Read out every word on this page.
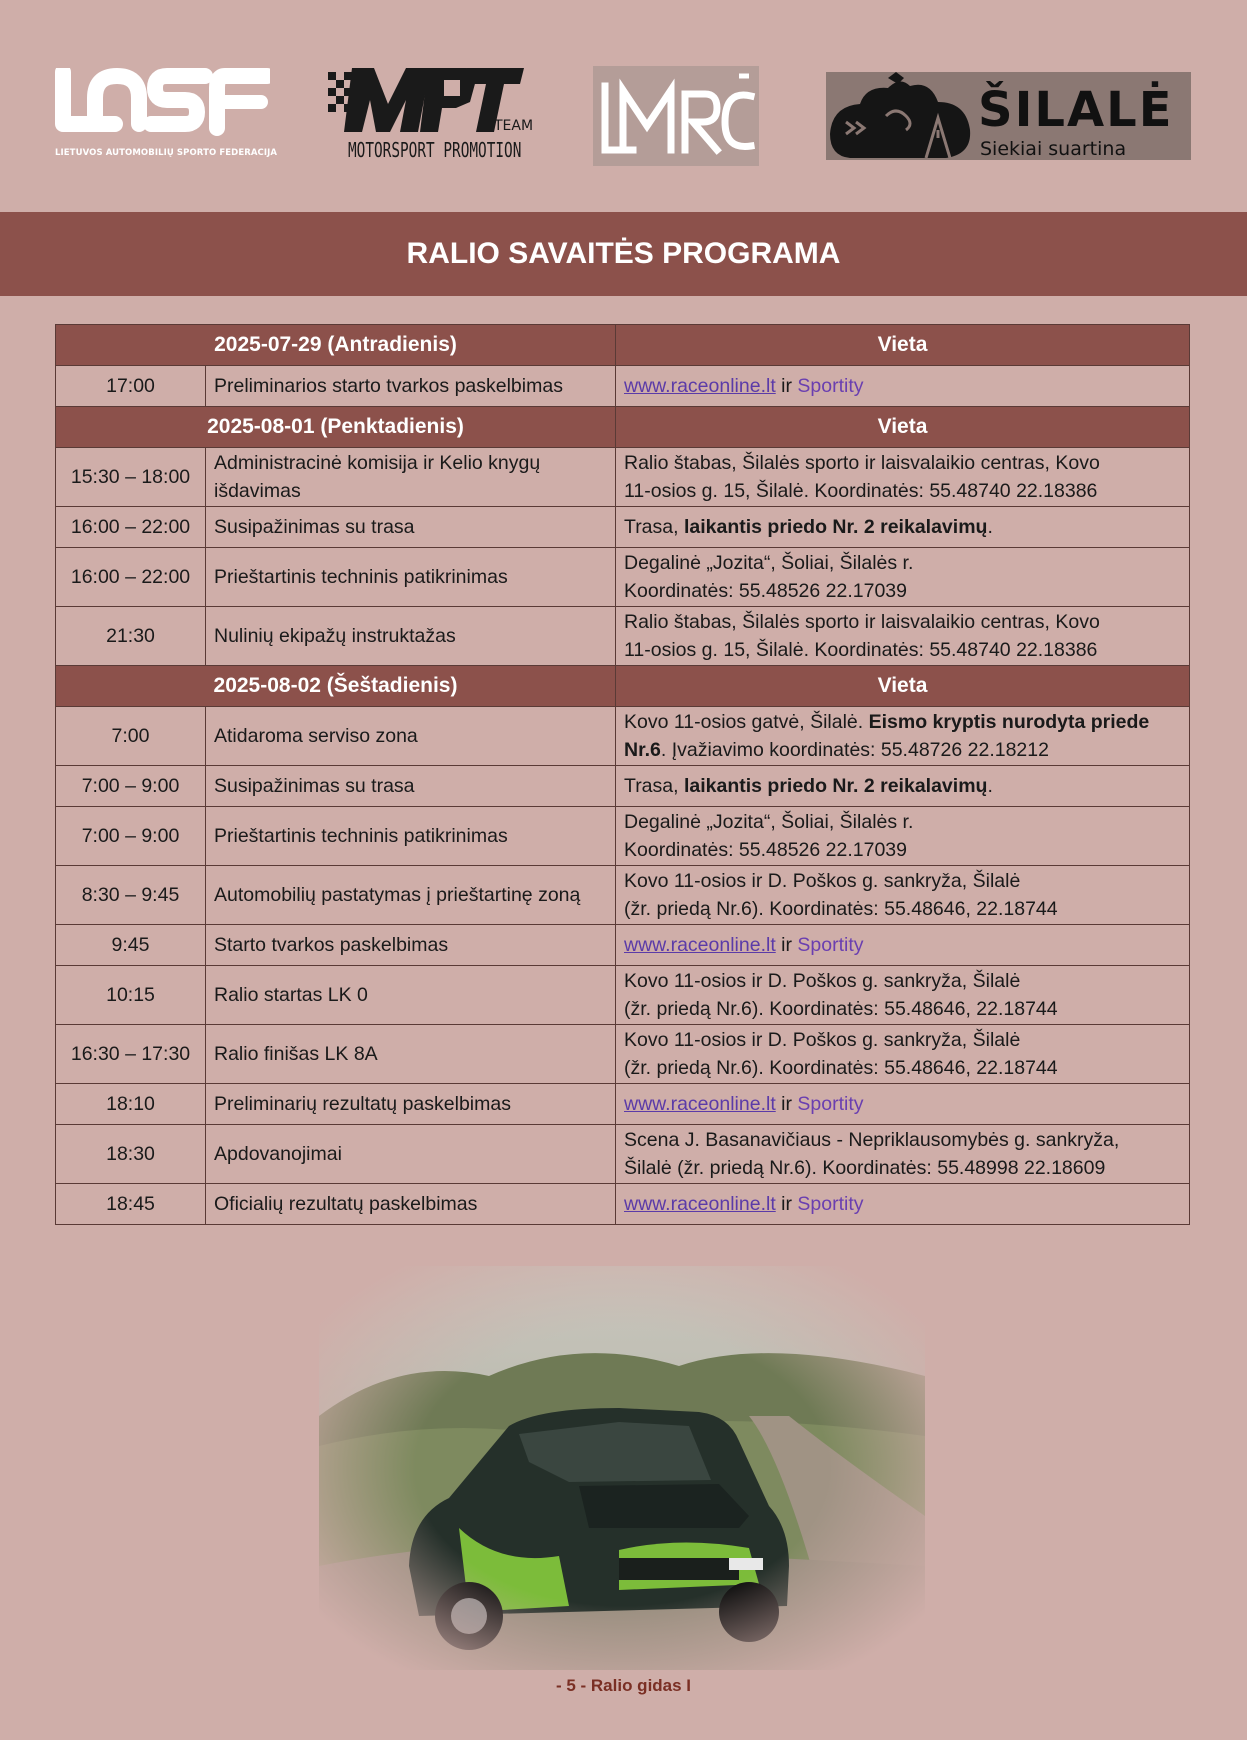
LIETUVOS AUTOMOBILIŲ SPORTO FEDERACIJA
TEAM
MOTORSPORT PROMOTION
ŠILALĖ
Siekiai suartina
RALIO SAVAITĖS PROGRAMA
2025-07-29 (Antradienis)		Vieta
17:00	Preliminarios starto tvarkos paskelbimas	www.raceonline.lt ir Sportity
2025-08-01 (Penktadienis)		Vieta
15:30 – 18:00	Administracinė komisija ir Kelio knygų išdavimas	Ralio štabas, Šilalės sporto ir laisvalaikio centras, Kovo
11-osios g. 15, Šilalė. Koordinatės: 55.48740 22.18386
16:00 – 22:00	Susipažinimas su trasa	Trasa, laikantis priedo Nr. 2 reikalavimų.
16:00 – 22:00	Prieštartinis techninis patikrinimas	Degalinė „Jozita“, Šoliai, Šilalės r.
Koordinatės: 55.48526 22.17039
21:30	Nulinių ekipažų instruktažas	Ralio štabas, Šilalės sporto ir laisvalaikio centras, Kovo
11-osios g. 15, Šilalė. Koordinatės: 55.48740 22.18386
2025-08-02 (Šeštadienis)		Vieta
7:00	Atidaroma serviso zona	Kovo 11-osios gatvė, Šilalė. Eismo kryptis nurodyta priede Nr.6. Įvažiavimo koordinatės: 55.48726 22.18212
7:00 – 9:00	Susipažinimas su trasa	Trasa, laikantis priedo Nr. 2 reikalavimų.
7:00 – 9:00	Prieštartinis techninis patikrinimas	Degalinė „Jozita“, Šoliai, Šilalės r.
Koordinatės: 55.48526 22.17039
8:30 – 9:45	Automobilių pastatymas į prieštartinę zoną	Kovo 11-osios ir D. Poškos g. sankryža, Šilalė
(žr. priedą Nr.6). Koordinatės: 55.48646, 22.18744
9:45	Starto tvarkos paskelbimas	www.raceonline.lt ir Sportity
10:15	Ralio startas LK 0	Kovo 11-osios ir D. Poškos g. sankryža, Šilalė
(žr. priedą Nr.6). Koordinatės: 55.48646, 22.18744
16:30 – 17:30	Ralio finišas LK 8A	Kovo 11-osios ir D. Poškos g. sankryža, Šilalė
(žr. priedą Nr.6). Koordinatės: 55.48646, 22.18744
18:10	Preliminarių rezultatų paskelbimas	www.raceonline.lt ir Sportity
18:30	Apdovanojimai	Scena J. Basanavičiaus - Nepriklausomybės g. sankryža,
Šilalė (žr. priedą Nr.6). Koordinatės: 55.48998 22.18609
18:45	Oficialių rezultatų paskelbimas	www.raceonline.lt ir Sportity
- 5 - Ralio gidas I
